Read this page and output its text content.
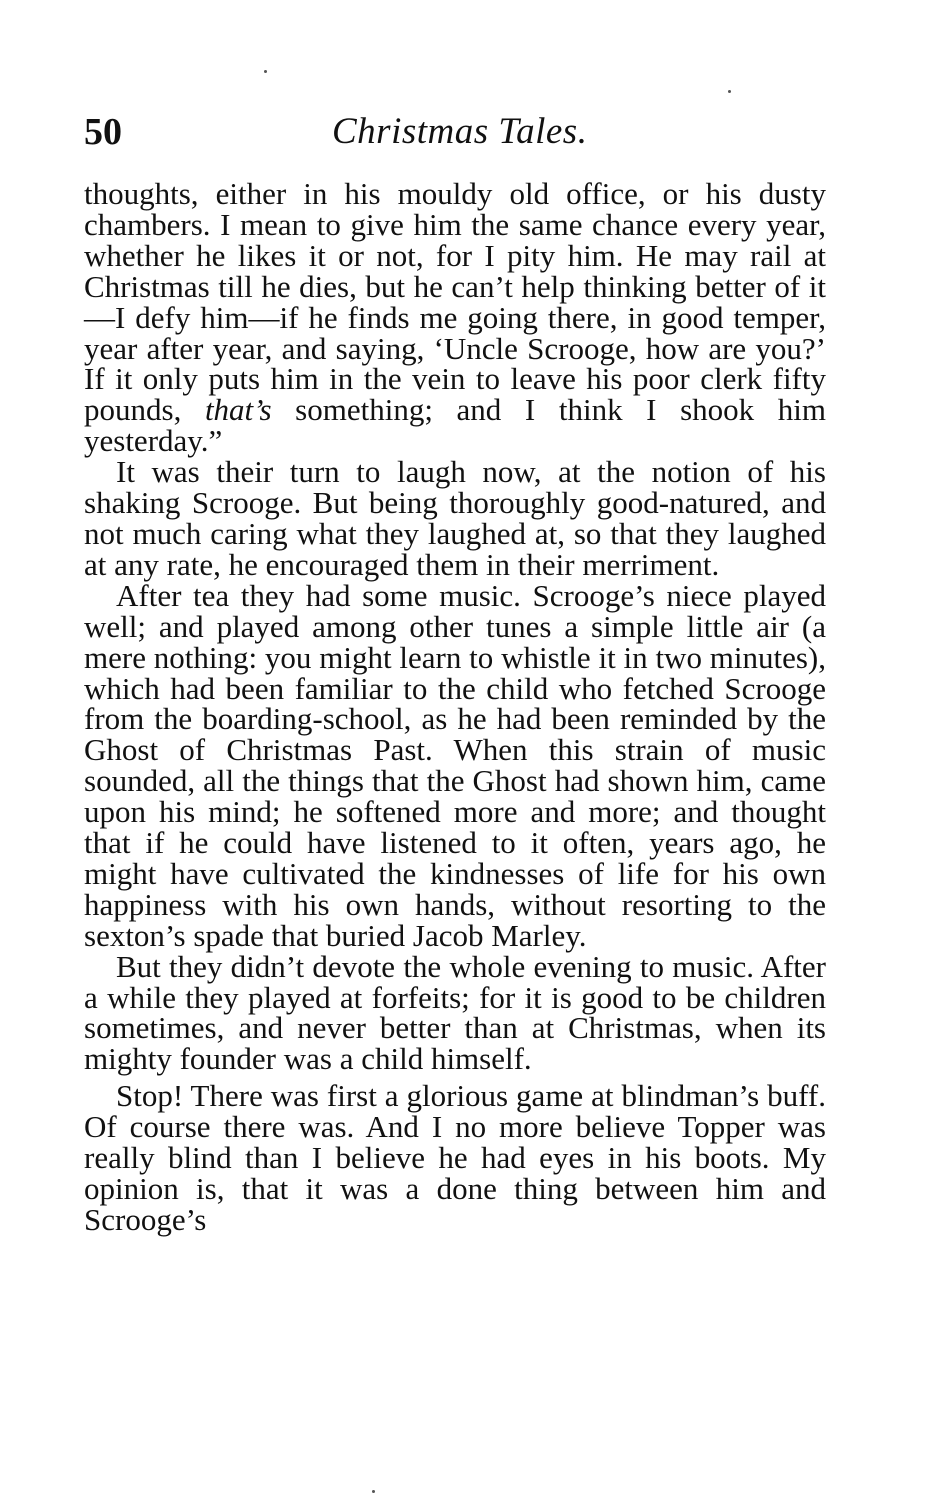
50	Christmas Tales.

thoughts, either in his mouldy old office, or his dusty chambers. I mean to give him the same chance every year, whether he likes it or not, for I pity him. He may rail at Christmas till he dies, but he can’t help thinking better of it—I defy him—if he finds me going there, in good temper, year after year, and saying, ‘Uncle Scrooge, how are you?’ If it only puts him in the vein to leave his poor clerk fifty pounds, that’s something; and I think I shook him yesterday.”

It was their turn to laugh now, at the notion of his shaking Scrooge. But being thoroughly good-natured, and not much caring what they laughed at, so that they laughed at any rate, he encouraged them in their merriment.

After tea they had some music. Scrooge’s niece played well; and played among other tunes a simple little air (a mere nothing: you might learn to whistle it in two minutes), which had been familiar to the child who fetched Scrooge from the boarding-school, as he had been reminded by the Ghost of Christmas Past. When this strain of music sounded, all the things that the Ghost had shown him, came upon his mind; he softened more and more; and thought that if he could have listened to it often, years ago, he might have cultivated the kindnesses of life for his own happiness with his own hands, without resorting to the sexton’s spade that buried Jacob Marley.

But they didn’t devote the whole evening to music. After a while they played at forfeits; for it is good to be children sometimes, and never better than at Christmas, when its mighty founder was a child himself.

Stop! There was first a glorious game at blindman’s buff. Of course there was. And I no more believe Topper was really blind than I believe he had eyes in his boots. My opinion is, that it was a done thing between him and Scrooge’s
